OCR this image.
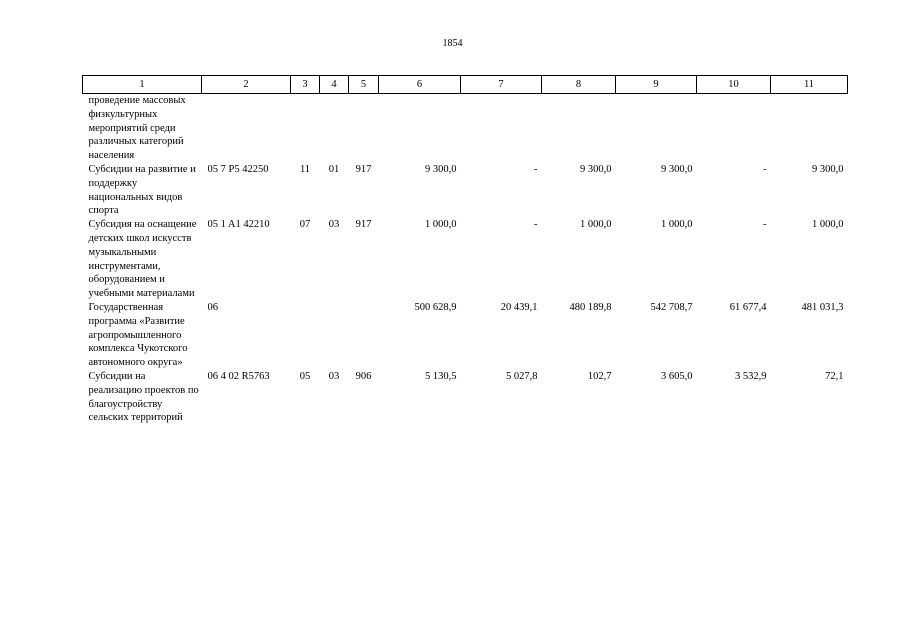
1854
1	2	3	4	5	6	7	8	9	10	11
проведение массовых физкультурных мероприятий среди различных категорий населения										
Субсидии на развитие и поддержку национальных видов спорта	05 7 P5 42250	11	01	917	9 300,0	-	9 300,0	9 300,0	-	9 300,0
Субсидия на оснащение детских школ искусств музыкальными инструментами, оборудованием и учебными материалами	05 1 A1 42210	07	03	917	1 000,0	-	1 000,0	1 000,0	-	1 000,0
Государственная программа «Развитие агропромышленного комплекса Чукотского автономного округа»	06				500 628,9	20 439,1	480 189,8	542 708,7	61 677,4	481 031,3
Субсидии на реализацию проектов по благоустройству сельских территорий	06 4 02 R5763	05	03	906	5 130,5	5 027,8	102,7	3 605,0	3 532,9	72,1
